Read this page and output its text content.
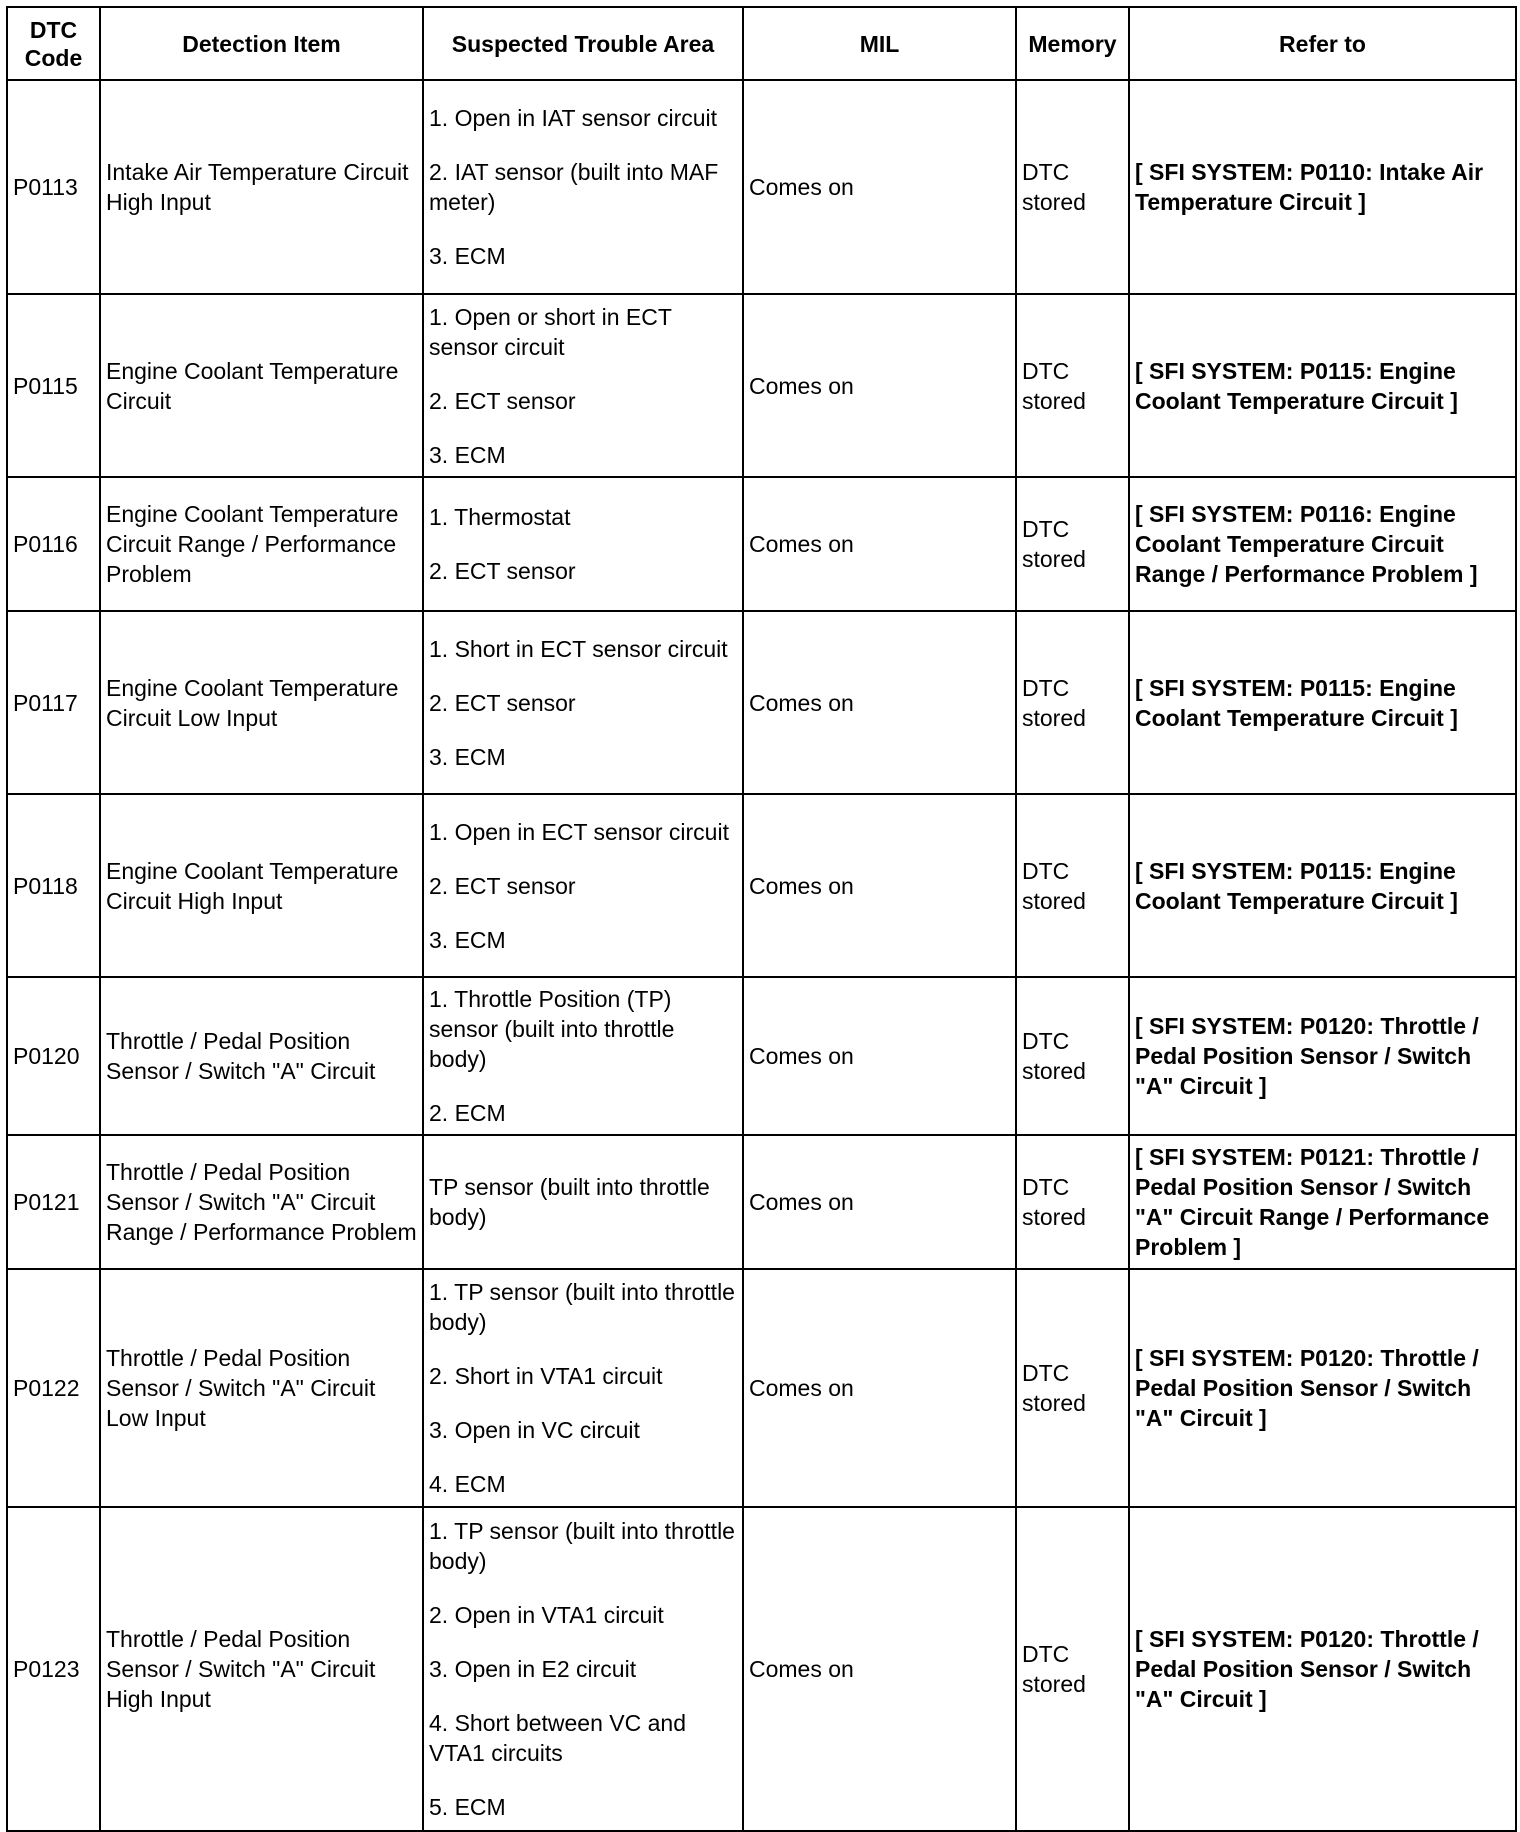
DTC Code	Detection Item	Suspected Trouble Area	MIL	Memory	Refer to
P0113	Intake Air Temperature Circuit High Input	1. Open in IAT sensor circuit
2. IAT sensor (built into MAF meter)
3. ECM	Comes on	DTC stored	[ SFI SYSTEM: P0110: Intake Air Temperature Circuit ]
P0115	Engine Coolant Temperature Circuit	1. Open or short in ECT sensor circuit
2. ECT sensor
3. ECM	Comes on	DTC stored	[ SFI SYSTEM: P0115: Engine Coolant Temperature Circuit ]
P0116	Engine Coolant Temperature Circuit Range / Performance Problem	1. Thermostat
2. ECT sensor	Comes on	DTC stored	[ SFI SYSTEM: P0116: Engine Coolant Temperature Circuit Range / Performance Problem ]
P0117	Engine Coolant Temperature Circuit Low Input	1. Short in ECT sensor circuit
2. ECT sensor
3. ECM	Comes on	DTC stored	[ SFI SYSTEM: P0115: Engine Coolant Temperature Circuit ]
P0118	Engine Coolant Temperature Circuit High Input	1. Open in ECT sensor circuit
2. ECT sensor
3. ECM	Comes on	DTC stored	[ SFI SYSTEM: P0115: Engine Coolant Temperature Circuit ]
P0120	Throttle / Pedal Position Sensor / Switch "A" Circuit	1. Throttle Position (TP) sensor (built into throttle body)
2. ECM	Comes on	DTC stored	[ SFI SYSTEM: P0120: Throttle / Pedal Position Sensor / Switch "A" Circuit ]
P0121	Throttle / Pedal Position Sensor / Switch "A" Circuit Range / Performance Problem	TP sensor (built into throttle body)	Comes on	DTC stored	[ SFI SYSTEM: P0121: Throttle / Pedal Position Sensor / Switch "A" Circuit Range / Performance Problem ]
P0122	Throttle / Pedal Position Sensor / Switch "A" Circuit Low Input	1. TP sensor (built into throttle body)
2. Short in VTA1 circuit
3. Open in VC circuit
4. ECM	Comes on	DTC stored	[ SFI SYSTEM: P0120: Throttle / Pedal Position Sensor / Switch "A" Circuit ]
P0123	Throttle / Pedal Position Sensor / Switch "A" Circuit High Input	1. TP sensor (built into throttle body)
2. Open in VTA1 circuit
3. Open in E2 circuit
4. Short between VC and VTA1 circuits
5. ECM	Comes on	DTC stored	[ SFI SYSTEM: P0120: Throttle / Pedal Position Sensor / Switch "A" Circuit ]
